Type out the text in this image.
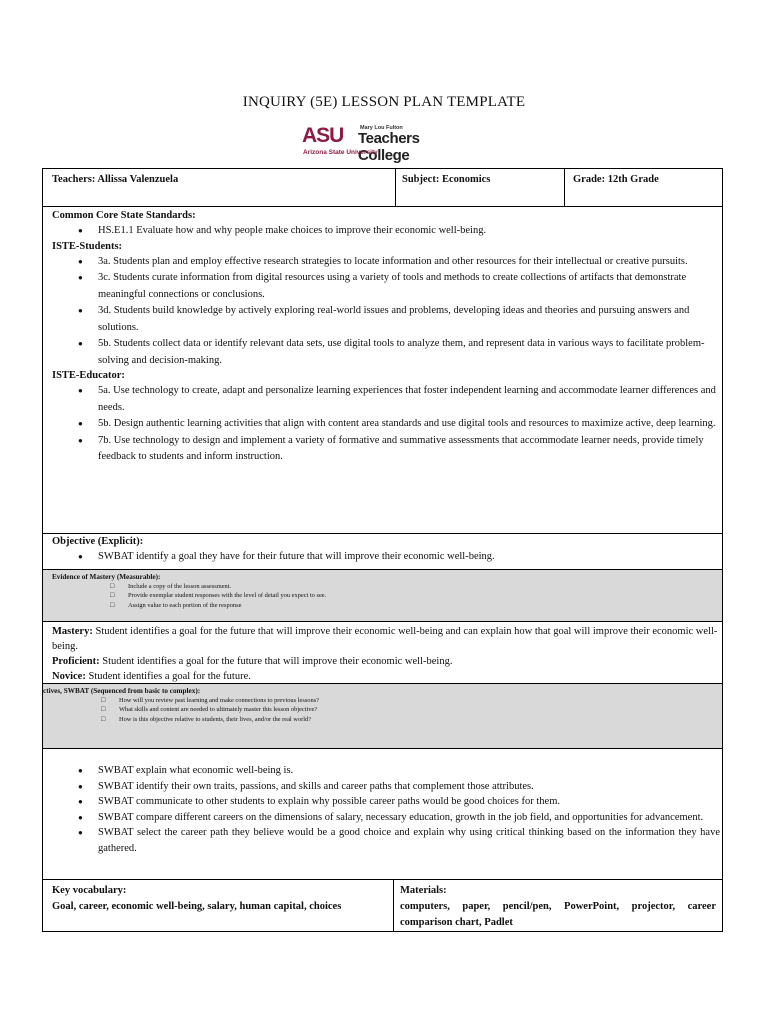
INQUIRY (5E) LESSON PLAN TEMPLATE
ASU	Mary Lou Fulton
Teachers College
Arizona State University
Teachers: Allissa Valenzuela	Subject: Economics	Grade: 12th Grade
Common Core State Standards:
● HS.E1.1 Evaluate how and why people make choices to improve their economic well-being.
ISTE-Students:
● 3a. Students plan and employ effective research strategies to locate information and other resources for their intellectual or creative pursuits.
● 3c. Students curate information from digital resources using a variety of tools and methods to create collections of artifacts that demonstrate meaningful connections or conclusions.
● 3d. Students build knowledge by actively exploring real-world issues and problems, developing ideas and theories and pursuing answers and solutions.
● 5b. Students collect data or identify relevant data sets, use digital tools to analyze them, and represent data in various ways to facilitate problem-solving and decision-making.
ISTE-Educator:
● 5a. Use technology to create, adapt and personalize learning experiences that foster independent learning and accommodate learner differences and needs.
● 5b. Design authentic learning activities that align with content area standards and use digital tools and resources to maximize active, deep learning.
● 7b. Use technology to design and implement a variety of formative and summative assessments that accommodate learner needs, provide timely feedback to students and inform instruction.
Objective (Explicit):
● SWBAT identify a goal they have for their future that will improve their economic well-being.
Evidence of Mastery (Measurable):
□ Include a copy of the lesson assessment.
□ Provide exemplar student responses with the level of detail you expect to see.
□ Assign value to each portion of the response
Mastery: Student identifies a goal for the future that will improve their economic well-being and can explain how that goal will improve their economic well-being.
Proficient: Student identifies a goal for the future that will improve their economic well-being.
Novice: Student identifies a goal for the future.
ctives, SWBAT (Sequenced from basic to complex):
□ How will you review past learning and make connections to previous lessons?
□ What skills and content are needed to ultimately master this lesson objective?
□ How is this objective relative to students, their lives, and/or the real world?
● SWBAT explain what economic well-being is.
● SWBAT identify their own traits, passions, and skills and career paths that complement those attributes.
● SWBAT communicate to other students to explain why possible career paths would be good choices for them.
● SWBAT compare different careers on the dimensions of salary, necessary education, growth in the job field, and opportunities for advancement.
● SWBAT select the career path they believe would be a good choice and explain why using critical thinking based on the information they have gathered.
Key vocabulary:
Goal, career, economic well-being, salary, human capital, choices
Materials:
computers, paper, pencil/pen, PowerPoint, projector, career comparison chart, Padlet
